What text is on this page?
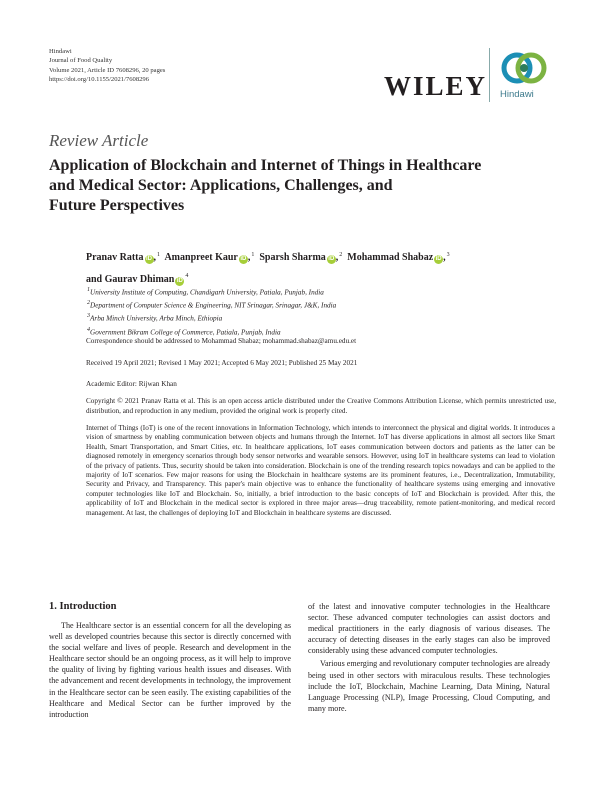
Hindawi
Journal of Food Quality
Volume 2021, Article ID 7608296, 20 pages
https://doi.org/10.1155/2021/7608296	WILEY Hindawi
Review Article
Application of Blockchain and Internet of Things in Healthcare
and Medical Sector: Applications, Challenges, and
Future Perspectives
Pranav Ratta iD ,$^1$ Amanpreet Kaur iD ,$^1$ Sparsh Sharma iD ,$^2$ Mohammad Shabaz iD ,$^3$
and Gaurav Dhiman $iD^4$
$^1$University Institute of Computing, Chandigarh University, Patiala, Punjab, India
$^2$Department of Computer Science & Engineering, NIT Srinagar, Srinagar, J&K, India
$^3$Arba Minch University, Arba Minch, Ethiopia
$^4$Government Bikram College of Commerce, Patiala, Punjab, India
Correspondence should be addressed to Mohammad Shabaz; mohammad.shabaz@amu.edu.et
Received 19 April 2021; Revised 1 May 2021; Accepted 6 May 2021; Published 25 May 2021
Academic Editor: Rijwan Khan
Copyright © 2021 Pranav Ratta et al. This is an open access article distributed under the Creative Commons Attribution License, which permits unrestricted use, distribution, and reproduction in any medium, provided the original work is properly cited.
Internet of Things (IoT) is one of the recent innovations in Information Technology, which intends to interconnect the physical and digital worlds. It introduces a vision of smartness by enabling communication between objects and humans through the Internet. IoT has diverse applications in almost all sectors like Smart Health, Smart Transportation, and Smart Cities, etc. In healthcare applications, IoT eases communication between doctors and patients as the latter can be diagnosed remotely in emergency scenarios through body sensor networks and wearable sensors. However, using IoT in healthcare systems can lead to violation of the privacy of patients. Thus, security should be taken into consideration. Blockchain is one of the trending research topics nowadays and can be applied to the majority of IoT scenarios. Few major reasons for using the Blockchain in healthcare systems are its prominent features, i.e., Decentralization, Immutability, Security and Privacy, and Transparency. This paper's main objective was to enhance the functionality of healthcare systems using emerging and innovative computer technologies like IoT and Blockchain. So, initially, a brief introduction to the basic concepts of IoT and Blockchain is provided. After this, the applicability of IoT and Blockchain in the medical sector is explored in three major areas—drug traceability, remote patient-monitoring, and medical record management. At last, the challenges of deploying IoT and Blockchain in healthcare systems are discussed.
1. Introduction
The Healthcare sector is an essential concern for all the developing as well as developed countries because this sector is directly concerned with the social welfare and lives of people. Research and development in the Healthcare sector should be an ongoing process, as it will help to improve the quality of living by fighting various health issues and diseases. With the advancement and recent developments in technology, the improvement in the Healthcare sector can be seen easily. The existing capabilities of the Healthcare and Medical Sector can be further improved by the introduction
of the latest and innovative computer technologies in the Healthcare sector. These advanced computer technologies can assist doctors and medical practitioners in the early diagnosis of various diseases. The accuracy of detecting diseases in the early stages can also be improved considerably using these advanced computer technologies.
Various emerging and revolutionary computer technologies are already being used in other sectors with miraculous results. These technologies include the IoT, Blockchain, Machine Learning, Data Mining, Natural Language Processing (NLP), Image Processing, Cloud Computing, and many more.
